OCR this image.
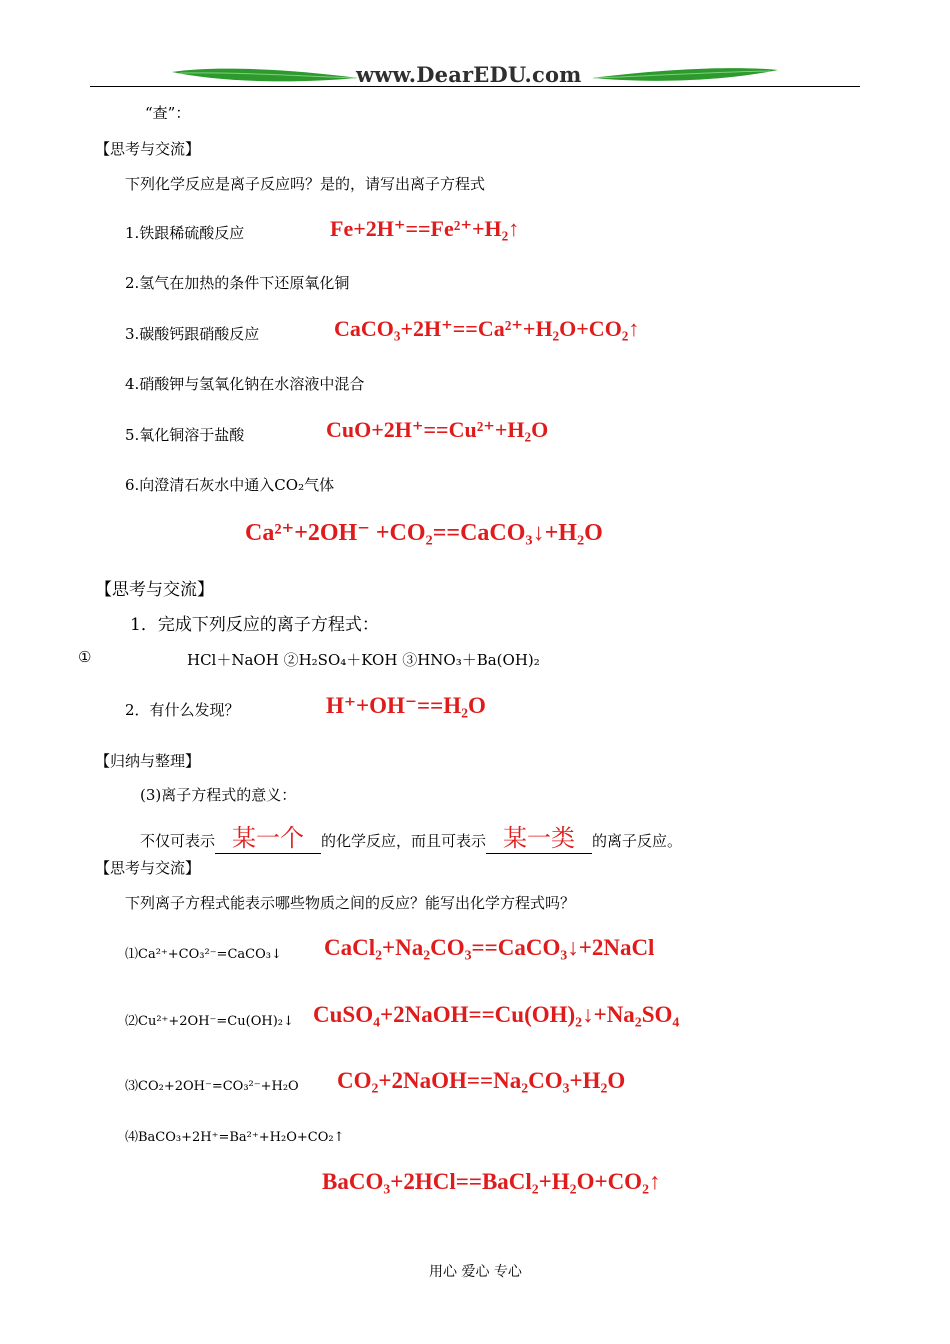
www.DearEDU.com
“查”：
【思考与交流】
下列化学反应是离子反应吗？是的，请写出离子方程式
1.铁跟稀硫酸反应	Fe+2H⁺==Fe²⁺+H₂↑
2.氢气在加热的条件下还原氧化铜
3.碳酸钙跟硝酸反应	CaCO₃+2H⁺==Ca²⁺+H₂O+CO₂↑
4.硝酸钾与氢氧化钠在水溶液中混合
5.氧化铜溶于盐酸	CuO+2H⁺==Cu²⁺+H₂O
6.向澄清石灰水中通入CO₂气体
Ca²⁺+2OH⁻ +CO₂==CaCO₃↓+H₂O
【思考与交流】
1．完成下列反应的离子方程式：
①	HCl＋NaOH ②H₂SO₄＋KOH ③HNO₃＋Ba(OH)₂
2．有什么发现？	H⁺+OH⁻==H₂O
【归纳与整理】
(3)离子方程式的意义：
不仅可表示 某一个 的化学反应，而且可表示 某一类 的离子反应。
【思考与交流】
下列离子方程式能表示哪些物质之间的反应？能写出化学方程式吗？
⑴Ca²⁺+CO₃²⁻=CaCO₃↓ CaCl₂+Na₂CO₃==CaCO₃↓+2NaCl
⑵Cu²⁺+2OH⁻=Cu(OH)₂↓ CuSO₄+2NaOH==Cu(OH)₂↓+Na₂SO₄
⑶CO₂+2OH⁻=CO₃²⁻+H₂O CO₂+2NaOH==Na₂CO₃+H₂O
⑷BaCO₃+2H⁺=Ba²⁺+H₂O+CO₂↑
BaCO₃+2HCl==BaCl₂+H₂O+CO₂↑
用心 爱心 专心
